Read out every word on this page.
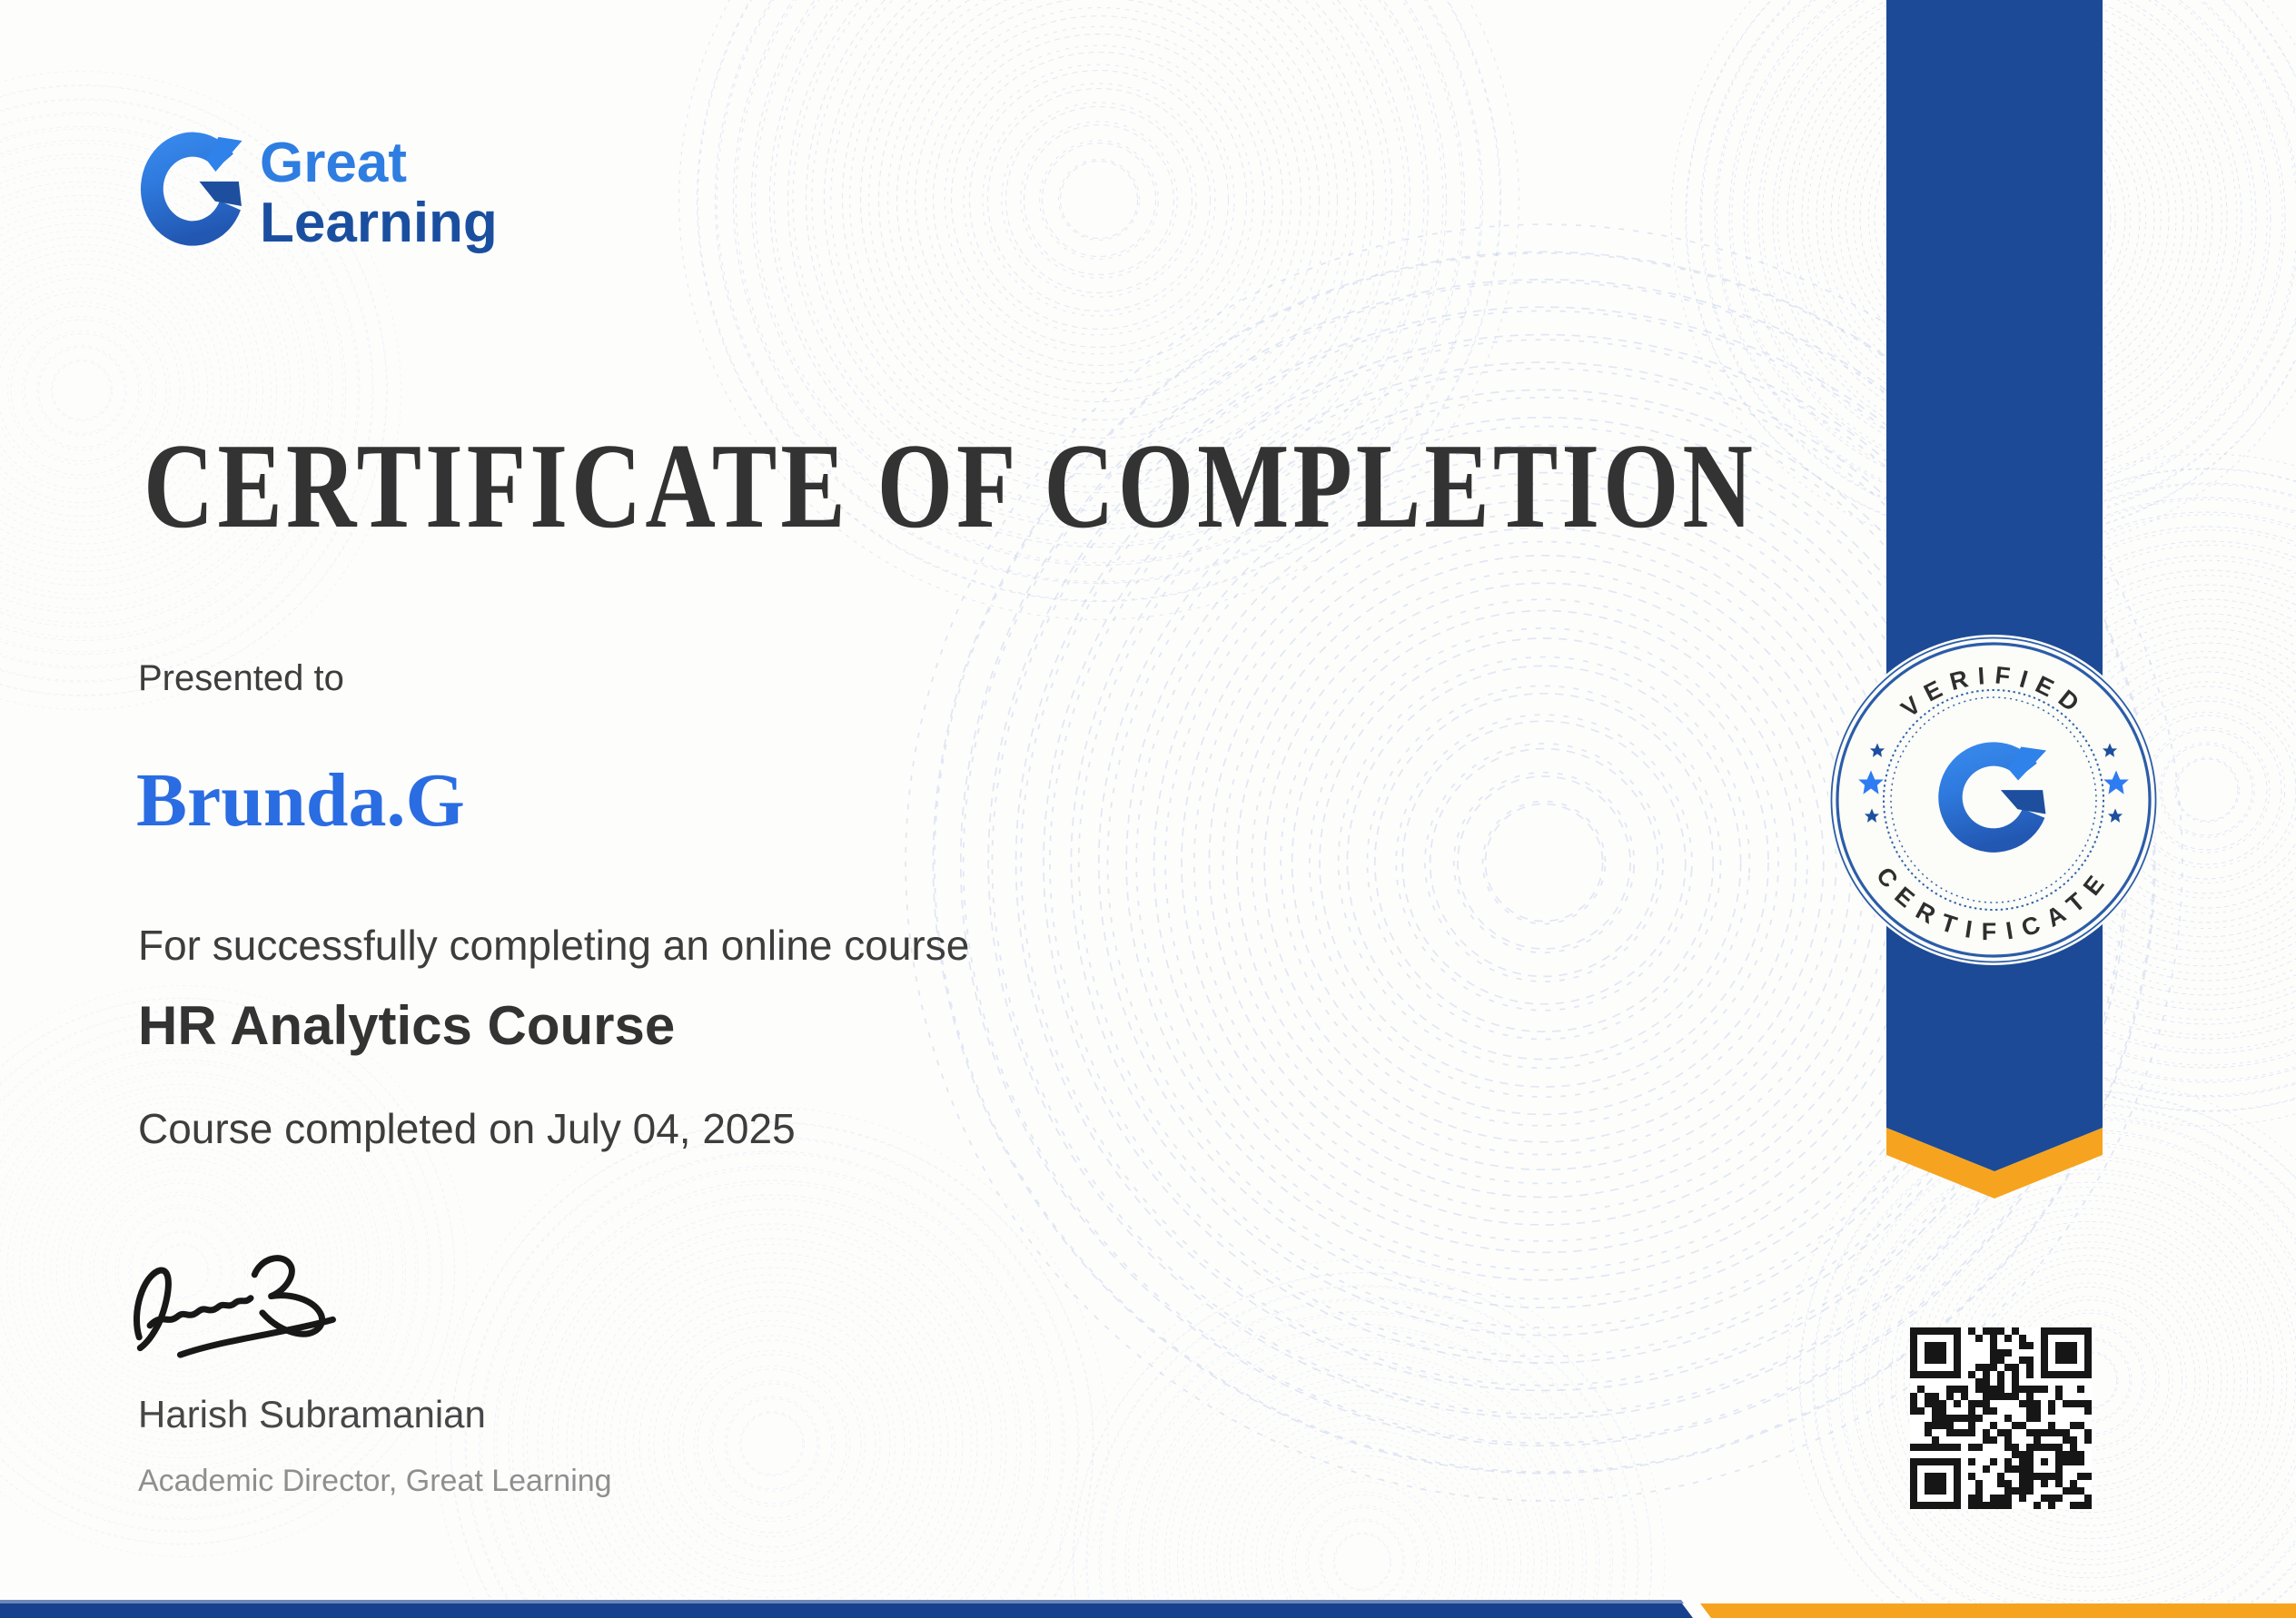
Great
Learning
CERTIFICATE OF COMPLETION
Presented to
Brunda.G
For successfully completing an online course
HR Analytics Course
Course completed on July 04, 2025
Harish Subramanian
Academic Director, Great Learning
VERIFIED
CERTIFICATE
